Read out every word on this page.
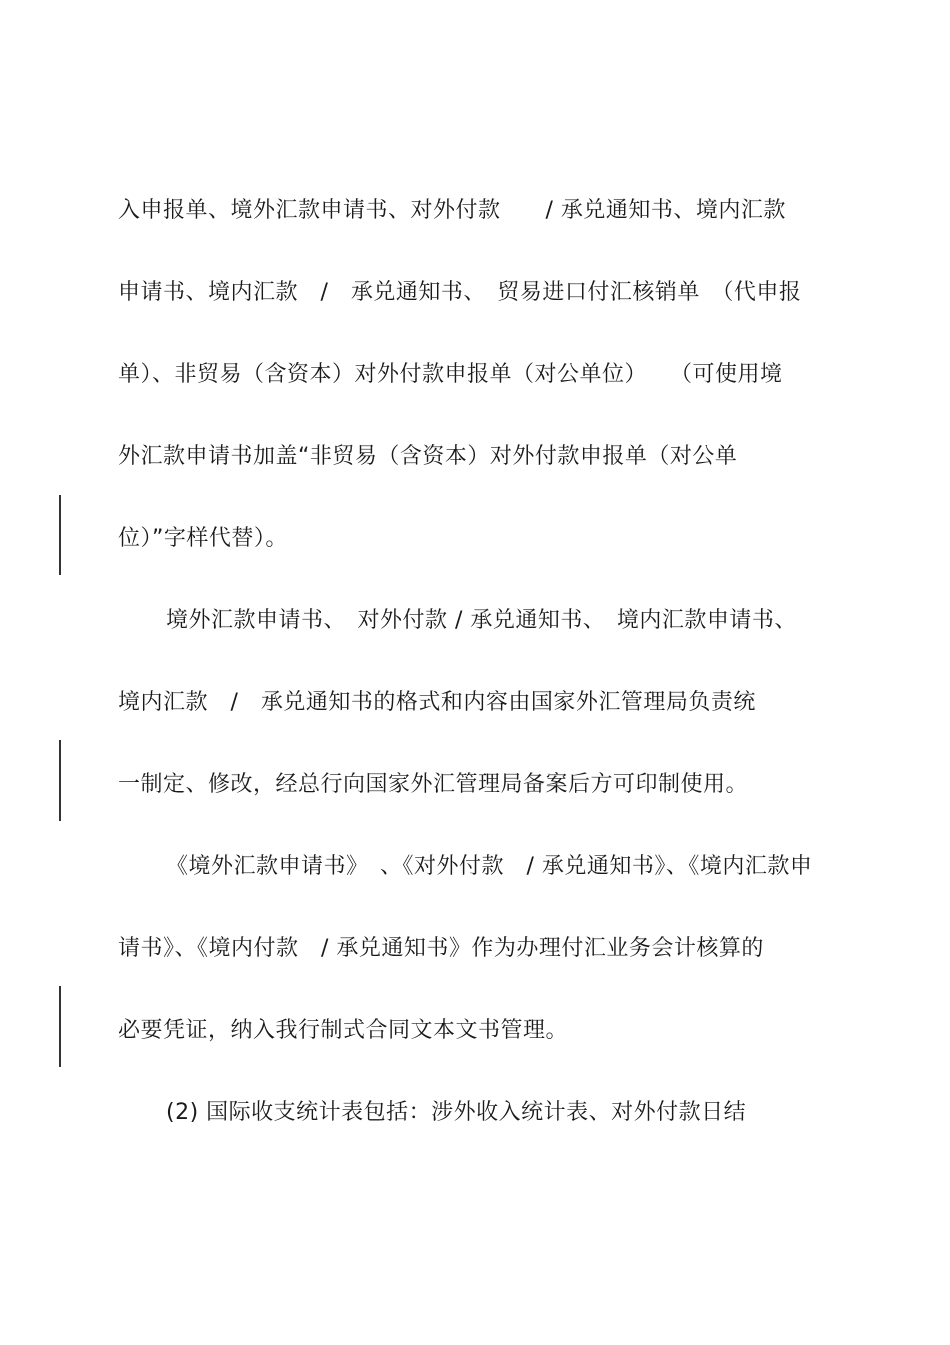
入申报单、境外汇款申请书、对外付款　　/ 承兑通知书、境内汇款
申请书、境内汇款　/　承兑通知书、　贸易进口付汇核销单　（代申报
单）、非贸易（含资本）对外付款申报单（对公单位）　　（可使用境
外汇款申请书加盖“非贸易（含资本）对外付款申报单（对公单
位）”字样代替）。
境外汇款申请书、　对外付款 / 承兑通知书、　境内汇款申请书、
境内汇款　/　承兑通知书的格式和内容由国家外汇管理局负责统
一制定、修改，经总行向国家外汇管理局备案后方可印制使用。
《境外汇款申请书》　、《对外付款　/ 承兑通知书》、《境内汇款申
请书》、《境内付款　/ 承兑通知书》作为办理付汇业务会计核算的
必要凭证，纳入我行制式合同文本文书管理。
(2) 国际收支统计表包括：涉外收入统计表、对外付款日结
